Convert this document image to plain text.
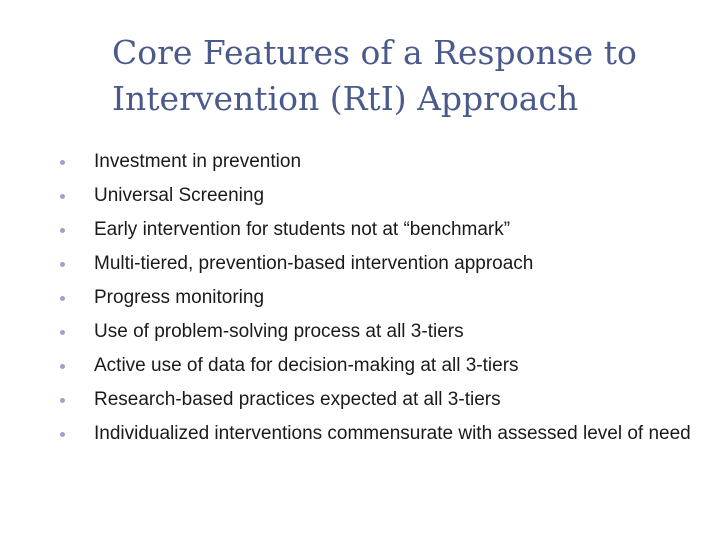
Core Features of a Response to
Intervention (RtI) Approach
Investment in prevention
Universal Screening
Early intervention for students not at “benchmark”
Multi-tiered, prevention-based intervention approach
Progress monitoring
Use of problem-solving process at all 3-tiers
Active use of data for decision-making at all 3-tiers
Research-based practices expected at all 3-tiers
Individualized interventions commensurate with assessed level of need
